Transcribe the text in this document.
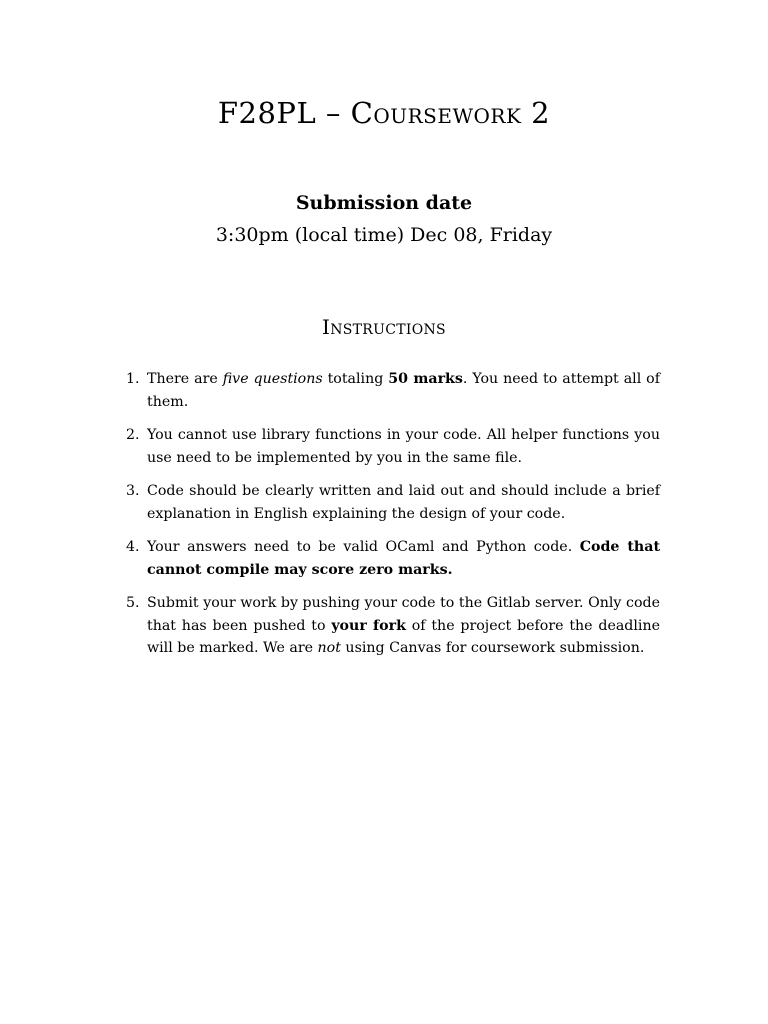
F28PL – Coursework 2
Submission date
3:30pm (local time) Dec 08, Friday
Instructions
1. There are five questions totaling 50 marks. You need to attempt all of them.
2. You cannot use library functions in your code. All helper functions you use need to be implemented by you in the same file.
3. Code should be clearly written and laid out and should include a brief explanation in English explaining the design of your code.
4. Your answers need to be valid OCaml and Python code. Code that cannot compile may score zero marks.
5. Submit your work by pushing your code to the Gitlab server. Only code that has been pushed to your fork of the project before the deadline will be marked. We are not using Canvas for coursework submission.
